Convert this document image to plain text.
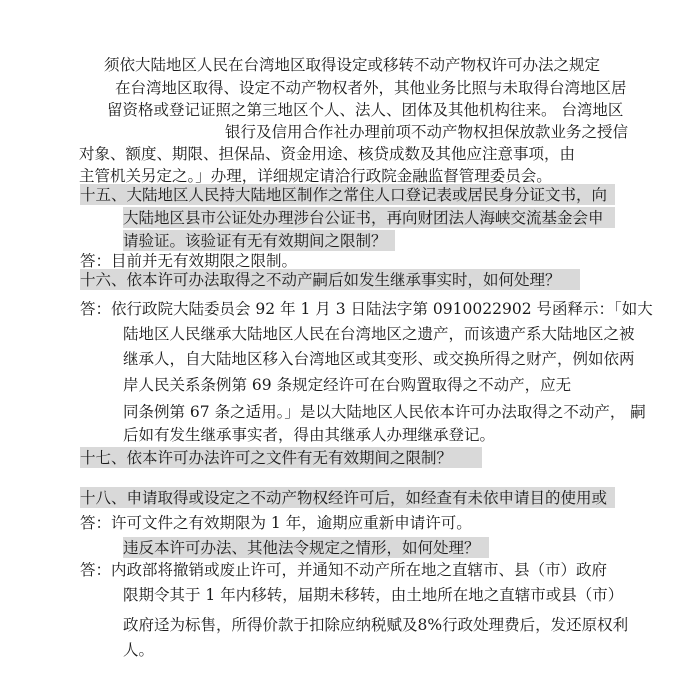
须依大陆地区人民在台湾地区取得设定或移转不动产物权许可办法之规定
在台湾地区取得、设定不动产物权者外，其他业务比照与未取得台湾地区居
留资格或登记证照之第三地区个人、法人、团体及其他机构往来。 台湾地区
银行及信用合作社办理前项不动产物权担保放款业务之授信
对象、额度、期限、担保品、资金用途、核贷成数及其他应注意事项，由
主管机关另定之。」办理，详细规定请洽行政院金融监督管理委员会。
十五、大陆地区人民持大陆地区制作之常住人口登记表或居民身分证文书，向
大陆地区县市公证处办理涉台公证书，再向财团法人海峡交流基金会申
请验证。该验证有无有效期间之限制？
答：目前并无有效期限之限制。
十六、依本许可办法取得之不动产嗣后如发生继承事实时，如何处理？
答：依行政院大陆委员会 92 年 1 月 3 日陆法字第 0910022902 号函释示：「如大
陆地区人民继承大陆地区人民在台湾地区之遗产，而该遗产系大陆地区之被
继承人，自大陆地区移入台湾地区或其变形、或交换所得之财产，例如依两
岸人民关系条例第 69 条规定经许可在台购置取得之不动产，应无
同条例第 67 条之适用。」是以大陆地区人民依本许可办法取得之不动产， 嗣
后如有发生继承事实者，得由其继承人办理继承登记。
十七、依本许可办法许可之文件有无有效期间之限制？
十八、申请取得或设定之不动产物权经许可后，如经查有未依申请目的使用或
答：许可文件之有效期限为 1 年，逾期应重新申请许可。
违反本许可办法、其他法令规定之情形，如何处理？
答：内政部将撤销或废止许可，并通知不动产所在地之直辖市、县（市）政府
限期令其于 1 年内移转，届期未移转，由土地所在地之直辖市或县（市）
政府迳为标售，所得价款于扣除应纳税赋及8%行政处理费后，发还原权利
人。
